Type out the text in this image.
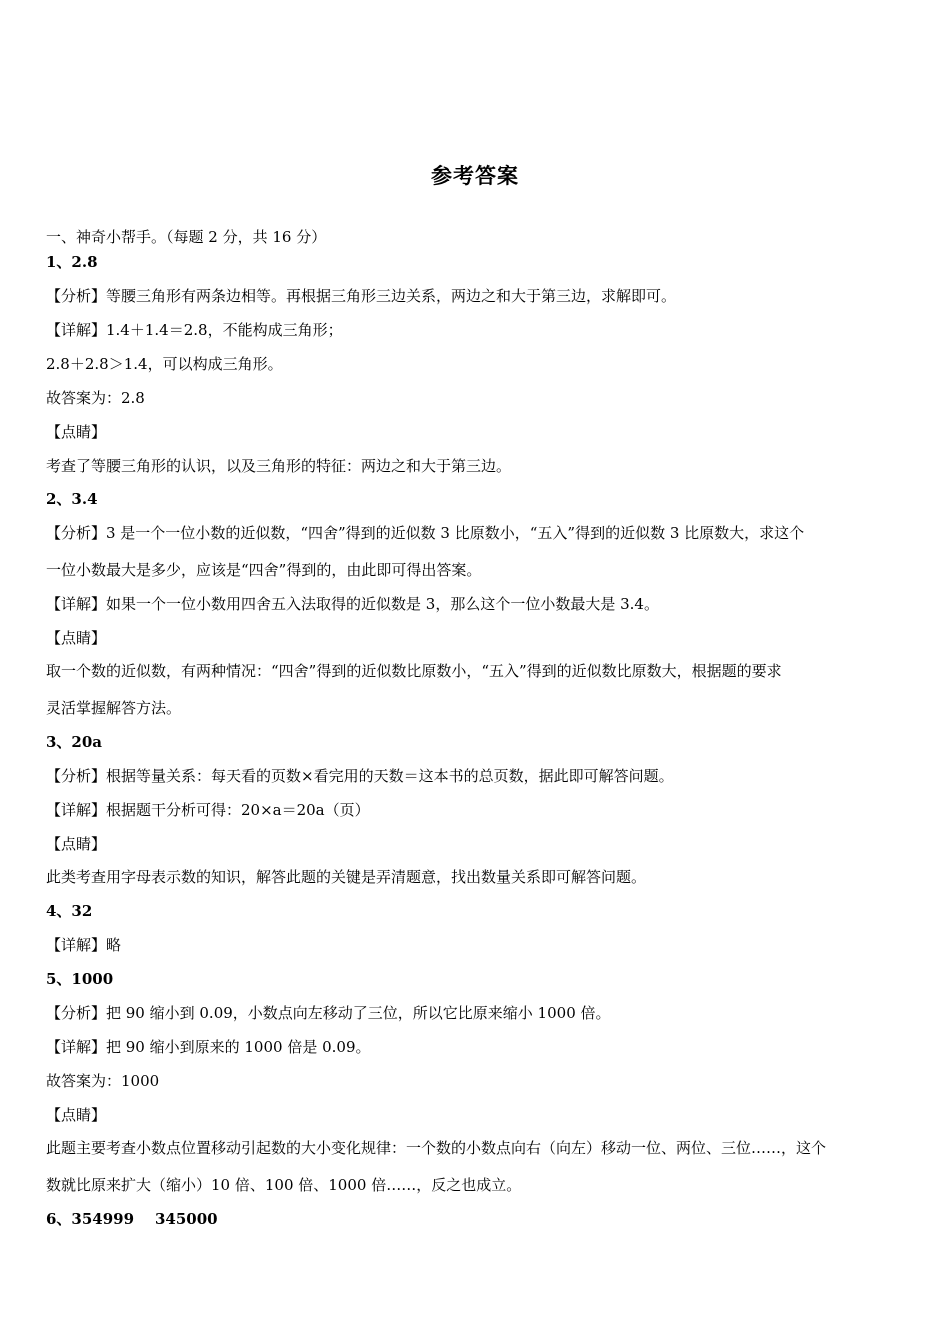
参考答案
一、神奇小帮手。（每题 2 分，共 16 分）
1、2.8
【分析】等腰三角形有两条边相等。再根据三角形三边关系，两边之和大于第三边，求解即可。
【详解】1.4＋1.4＝2.8，不能构成三角形；
2.8＋2.8＞1.4，可以构成三角形。
故答案为：2.8
【点睛】
考查了等腰三角形的认识，以及三角形的特征：两边之和大于第三边。
2、3.4
【分析】3 是一个一位小数的近似数，“四舍”得到的近似数 3 比原数小，“五入”得到的近似数 3 比原数大，求这个
一位小数最大是多少，应该是“四舍”得到的，由此即可得出答案。
【详解】如果一个一位小数用四舍五入法取得的近似数是 3，那么这个一位小数最大是 3.4。
【点睛】
取一个数的近似数，有两种情况：“四舍”得到的近似数比原数小，“五入”得到的近似数比原数大，根据题的要求
灵活掌握解答方法。
3、20a
【分析】根据等量关系：每天看的页数×看完用的天数＝这本书的总页数，据此即可解答问题。
【详解】根据题干分析可得：20×a＝20a（页）
【点睛】
此类考查用字母表示数的知识，解答此题的关键是弄清题意，找出数量关系即可解答问题。
4、32
【详解】略
5、1000
【分析】把 90 缩小到 0.09，小数点向左移动了三位，所以它比原来缩小 1000 倍。
【详解】把 90 缩小到原来的 1000 倍是 0.09。
故答案为：1000
【点睛】
此题主要考查小数点位置移动引起数的大小变化规律：一个数的小数点向右（向左）移动一位、两位、三位……，这个
数就比原来扩大（缩小）10 倍、100 倍、1000 倍……，反之也成立。
6、354999    345000
